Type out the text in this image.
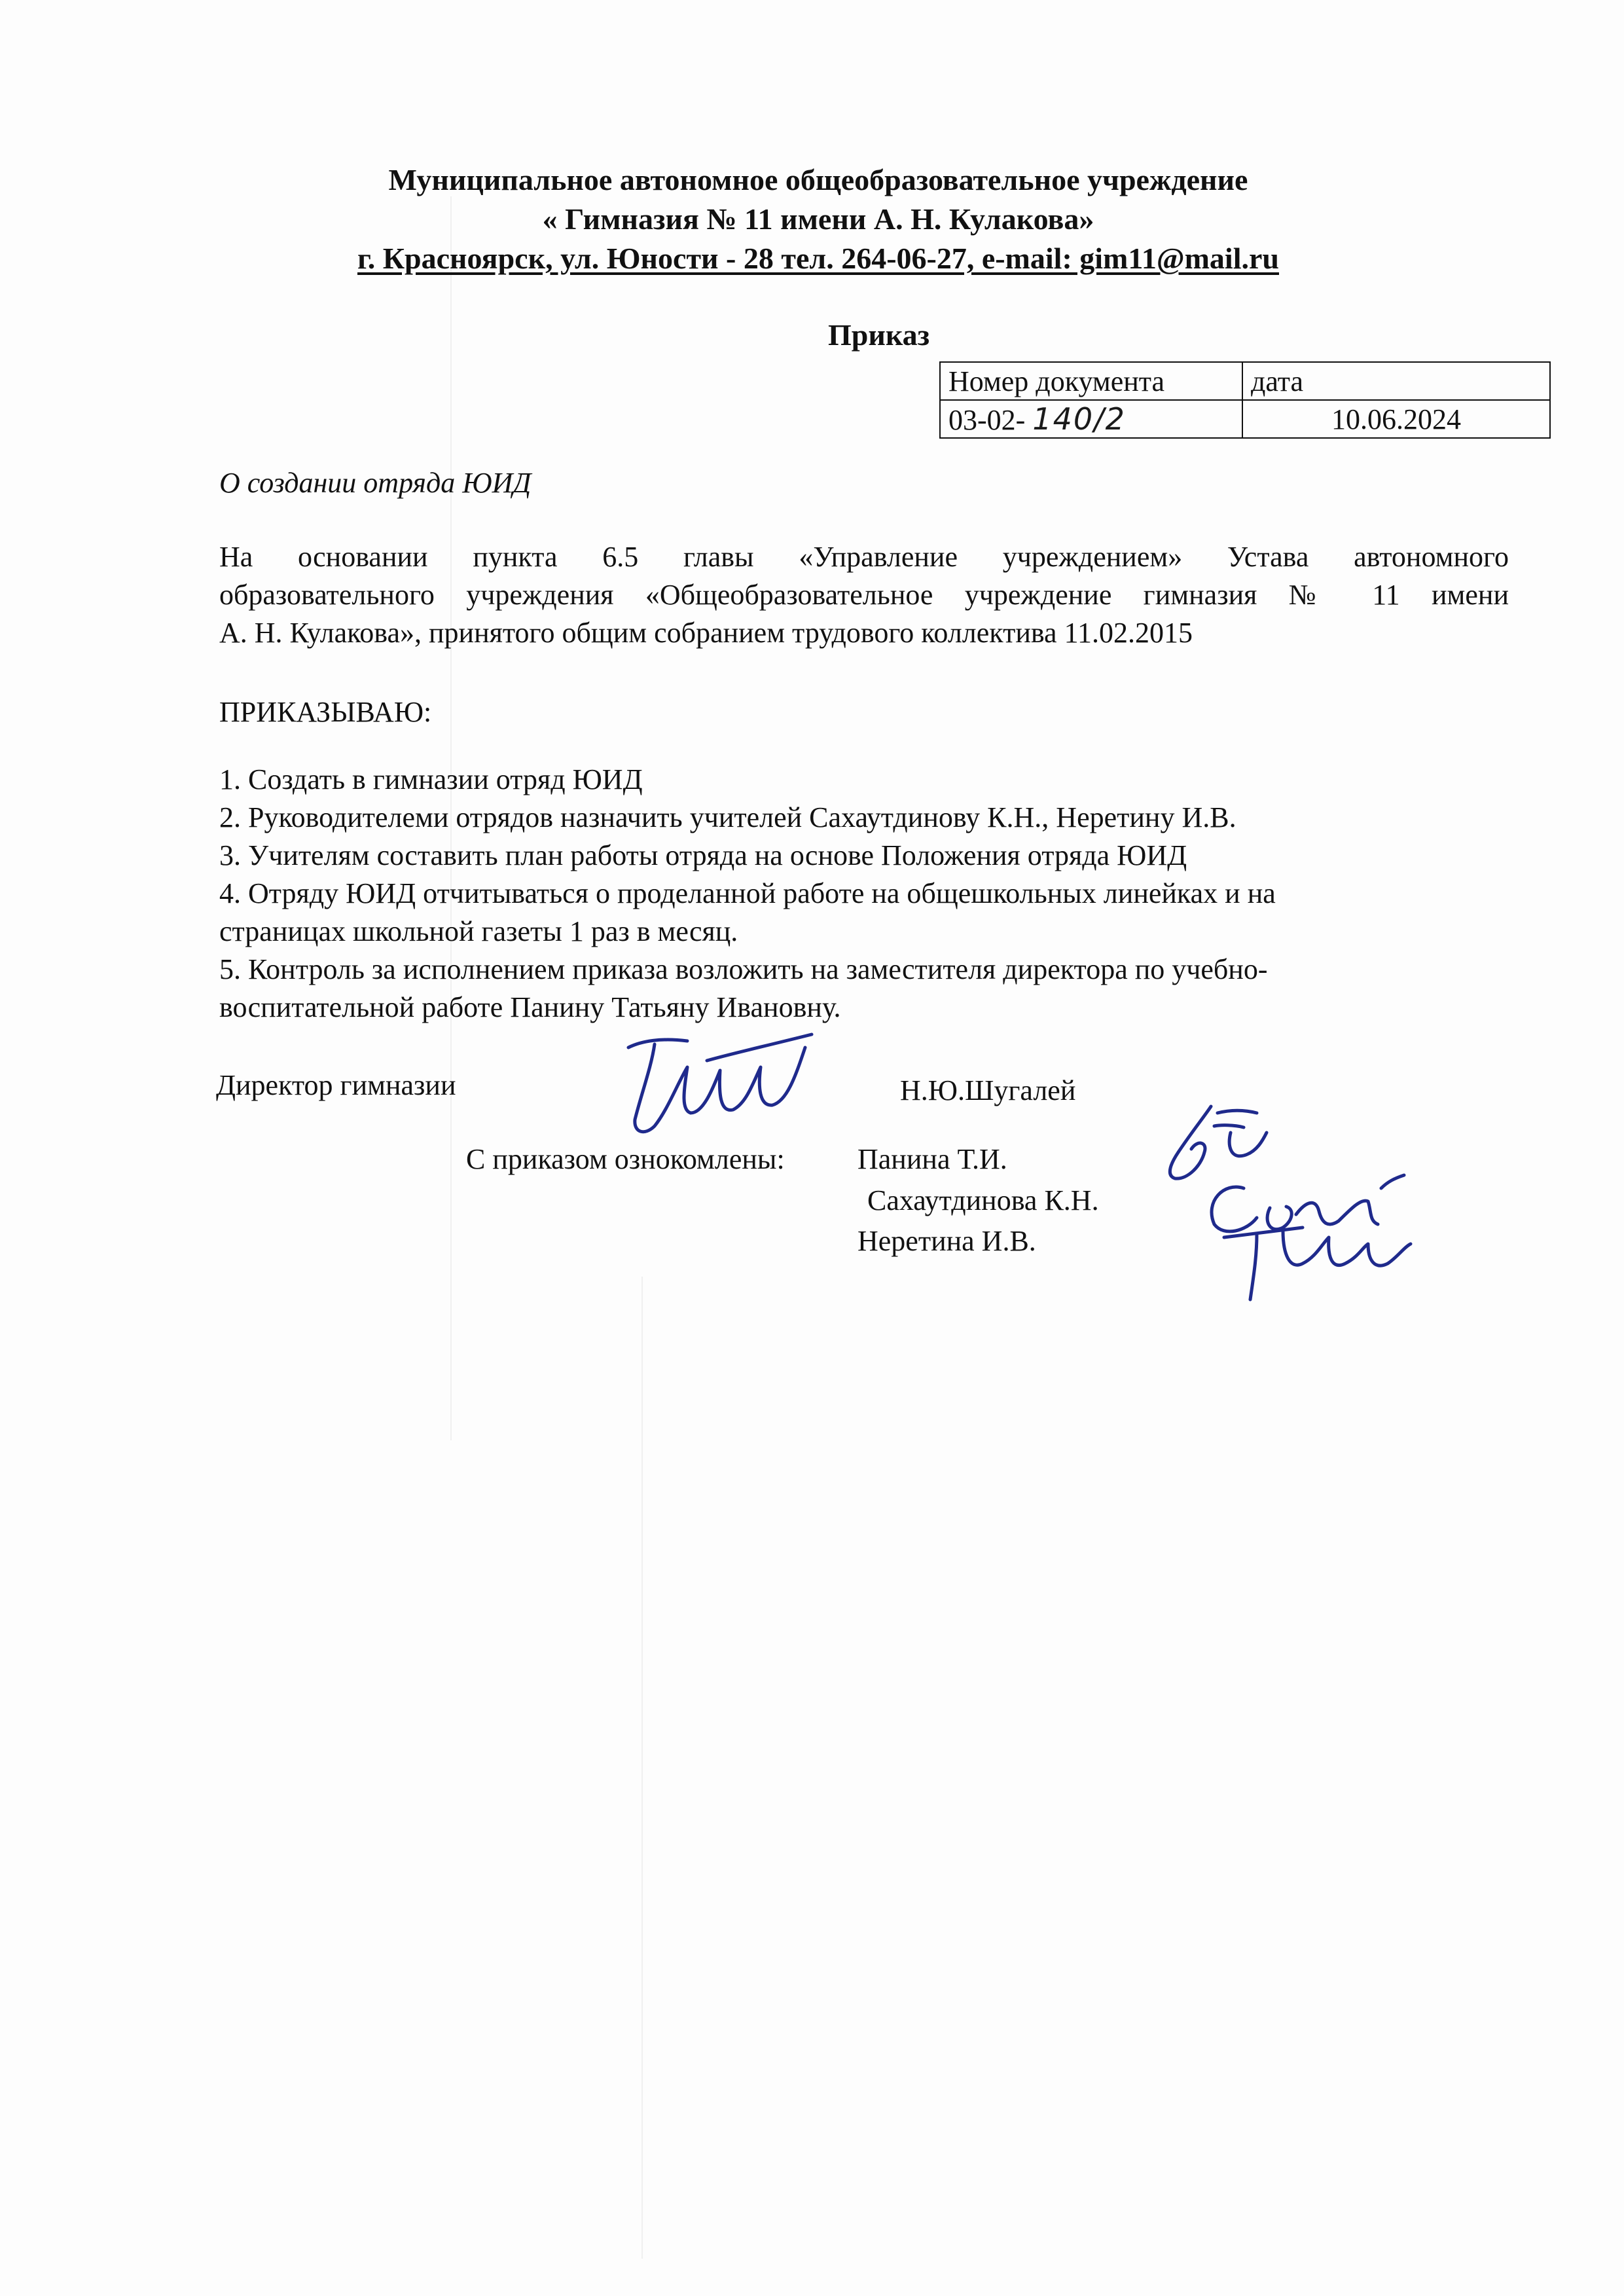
Муниципальное автономное общеобразовательное учреждение
« Гимназия № 11 имени А. Н. Кулакова»
г. Красноярск, ул. Юности - 28 тел. 264-06-27, e-mail: gim11@mail.ru
Приказ
Номер документа	дата
03-02- 140/2	10.06.2024
О создании отряда ЮИД
На основании пункта 6.5 главы «Управление учреждением» Устава автономного
образовательного учреждения «Общеобразовательное учреждение гимназия № 11 имени
А. Н. Кулакова», принятого общим собранием трудового коллектива 11.02.2015
ПРИКАЗЫВАЮ:
1. Создать в гимназии отряд ЮИД
2. Руководителеми отрядов назначить учителей Сахаутдинову К.Н., Неретину И.В.
3. Учителям составить план работы отряда на основе Положения отряда ЮИД
4. Отряду ЮИД отчитываться о проделанной работе на общешкольных линейках и на
страницах школьной газеты 1 раз в месяц.
5. Контроль за исполнением приказа возложить на заместителя директора по учебно-
воспитательной работе Панину Татьяну Ивановну.
Директор гимназии	Н.Ю.Шугалей
С приказом ознокомлены:	Панина Т.И.
Сахаутдинова К.Н.
Неретина И.В.
